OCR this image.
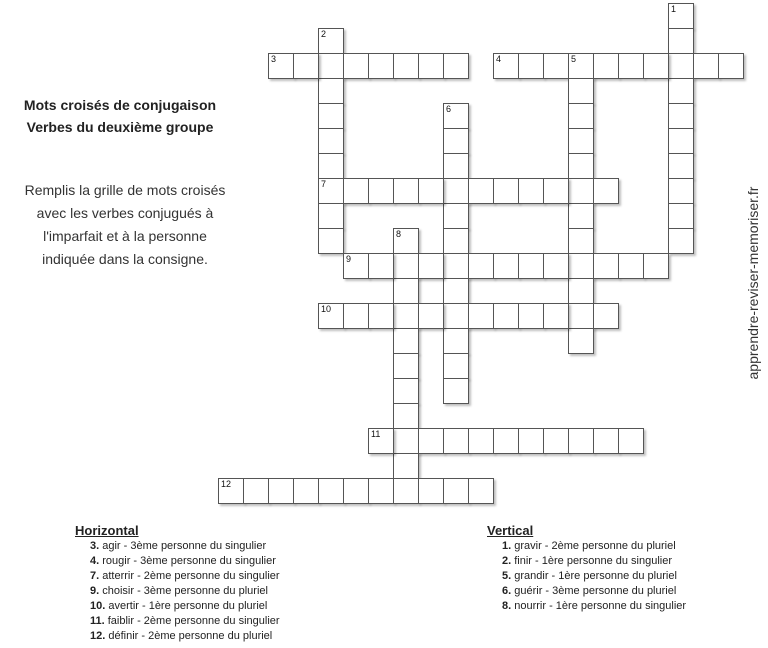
Mots croisés de conjugaison
Verbes du deuxième groupe
Remplis la grille de mots croisés
avec les verbes conjugués à
l'imparfait et à la personne
indiquée dans la consigne.	apprendre-reviser-memoriser.fr
1
2
7
3	4	5
6
8
9
10
11
12
Horizontal
3. agir - 3ème personne du singulier
4. rougir - 3ème personne du singulier
7. atterrir - 2ème personne du singulier
9. choisir - 3ème personne du pluriel
10. avertir - 1ère personne du pluriel
11. faiblir - 2ème personne du singulier
12. définir - 2ème personne du pluriel
Vertical
1. gravir - 2ème personne du pluriel
2. finir - 1ère personne du singulier
5. grandir - 1ère personne du pluriel
6. guérir - 3ème personne du pluriel
8. nourrir - 1ère personne du singulier
